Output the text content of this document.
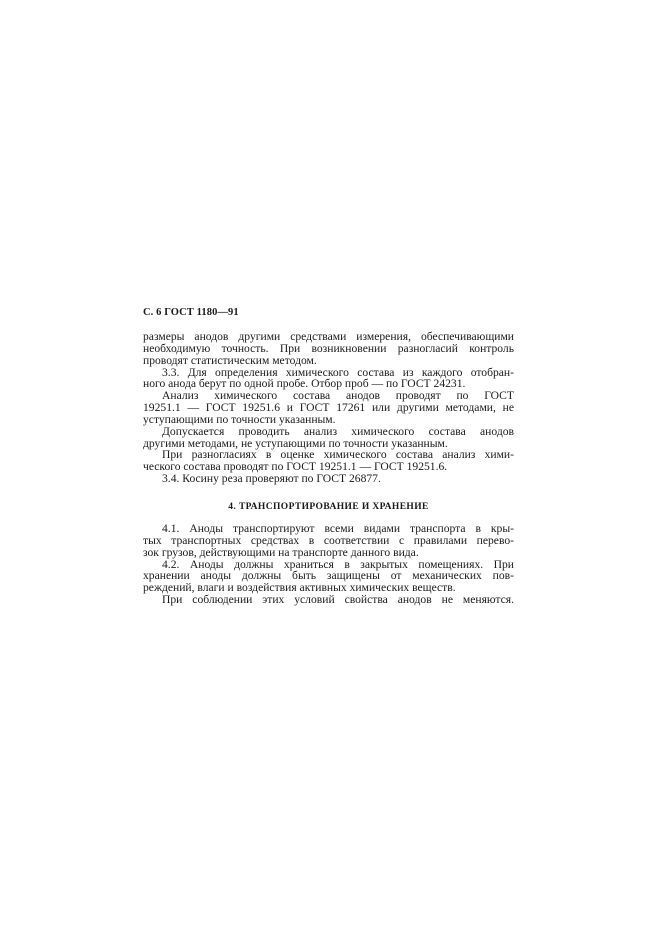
С. 6 ГОСТ 1180—91
размеры анодов другими средствами измерения, обеспечивающими
необходимую точность. При возникновении разногласий контроль
проводят статистическим методом.
3.3. Для определения химического состава из каждого отобран-
ного анода берут по одной пробе. Отбор проб — по ГОСТ 24231.
Анализ химического состава анодов проводят по ГОСТ
19251.1 — ГОСТ 19251.6 и ГОСТ 17261 или другими методами, не
уступающими по точности указанным.
Допускается проводить анализ химического состава анодов
другими методами, не уступающими по точности указанным.
При разногласиях в оценке химического состава анализ хими-
ческого состава проводят по ГОСТ 19251.1 — ГОСТ 19251.6.
3.4. Косину реза проверяют по ГОСТ 26877.
4. ТРАНСПОРТИРОВАНИЕ И ХРАНЕНИЕ
4.1. Аноды транспортируют всеми видами транспорта в кры-
тых транспортных средствах в соответствии с правилами перево-
зок грузов, действующими на транспорте данного вида.
4.2. Аноды должны храниться в закрытых помещениях. При
хранении аноды должны быть защищены от механических пов-
реждений, влаги и воздействия активных химических веществ.
При соблюдении этих условий свойства анодов не меняются.
